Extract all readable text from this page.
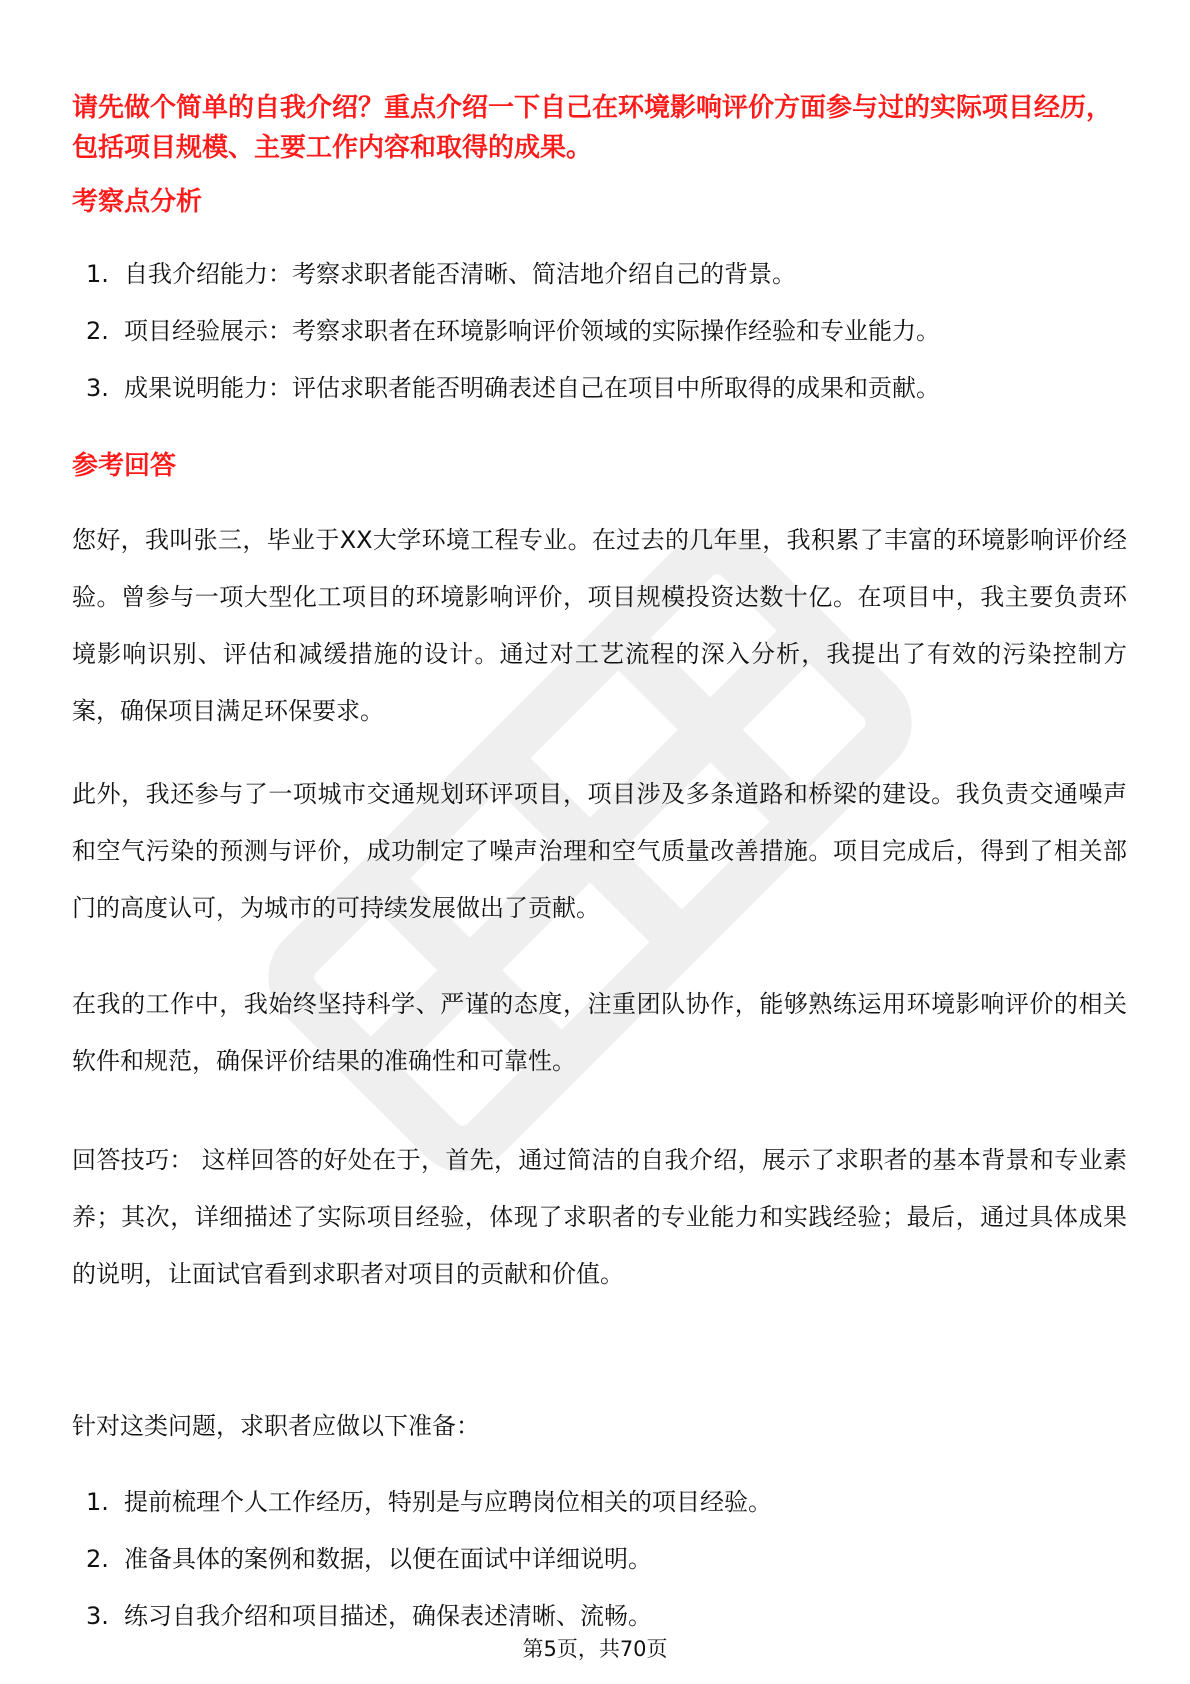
请先做个简单的自我介绍？重点介绍一下自己在环境影响评价方面参与过的实际项目经历，包括项目规模、主要工作内容和取得的成果。

考察点分析
1. 自我介绍能力：考察求职者能否清晰、简洁地介绍自己的背景。
2. 项目经验展示：考察求职者在环境影响评价领域的实际操作经验和专业能力。
3. 成果说明能力：评估求职者能否明确表述自己在项目中所取得的成果和贡献。
参考回答

您好，我叫张三，毕业于XX大学环境工程专业。在过去的几年里，我积累了丰富的环境影响评价经验。曾参与一项大型化工项目的环境影响评价，项目规模投资达数十亿。在项目中，我主要负责环境影响识别、评估和减缓措施的设计。通过对工艺流程的深入分析，我提出了有效的污染控制方案，确保项目满足环保要求。

此外，我还参与了一项城市交通规划环评项目，项目涉及多条道路和桥梁的建设。我负责交通噪声和空气污染的预测与评价，成功制定了噪声治理和空气质量改善措施。项目完成后，得到了相关部门的高度认可，为城市的可持续发展做出了贡献。

在我的工作中，我始终坚持科学、严谨的态度，注重团队协作，能够熟练运用环境影响评价的相关软件和规范，确保评价结果的准确性和可靠性。

回答技巧： 这样回答的好处在于，首先，通过简洁的自我介绍，展示了求职者的基本背景和专业素养；其次，详细描述了实际项目经验，体现了求职者的专业能力和实践经验；最后，通过具体成果的说明，让面试官看到求职者对项目的贡献和价值。

针对这类问题，求职者应做以下准备：

1. 提前梳理个人工作经历，特别是与应聘岗位相关的项目经验。
2. 准备具体的案例和数据，以便在面试中详细说明。
3. 练习自我介绍和项目描述，确保表述清晰、流畅。
第5页，共70页
